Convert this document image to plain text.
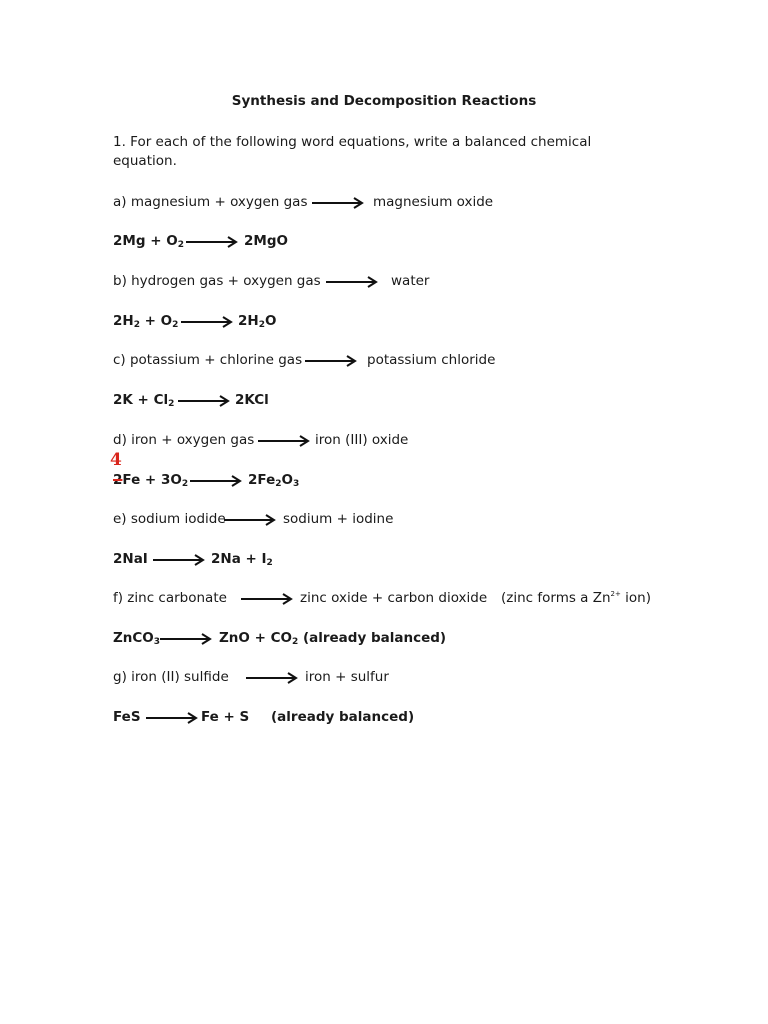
Synthesis and Decomposition Reactions
1. For each of the following word equations, write a balanced chemical
equation.
a) magnesium + oxygen gas	magnesium oxide
$2Mg + O_2$	2MgO
b) hydrogen gas + oxygen gas	water
$2H_2 + O_2$	$2H_2O$
c) potassium + chlorine gas	potassium chloride
$2K + Cl_2$	2KCl
d) iron + oxygen gas	iron (III) oxide
4
$2Fe + 3O_2$	$2Fe_2O_3$
e) sodium iodide	sodium + iodine
2NaI	$2Na + I_2$
f) zinc carbonate	zinc oxide + carbon dioxide (zinc forms a $Zn^{2+}$ ion)
ZnCO$_3$	ZnO + $CO_2$ (already balanced)
g) iron (II) sulfide	iron + sulfur
FeS	Fe + S (already balanced)
